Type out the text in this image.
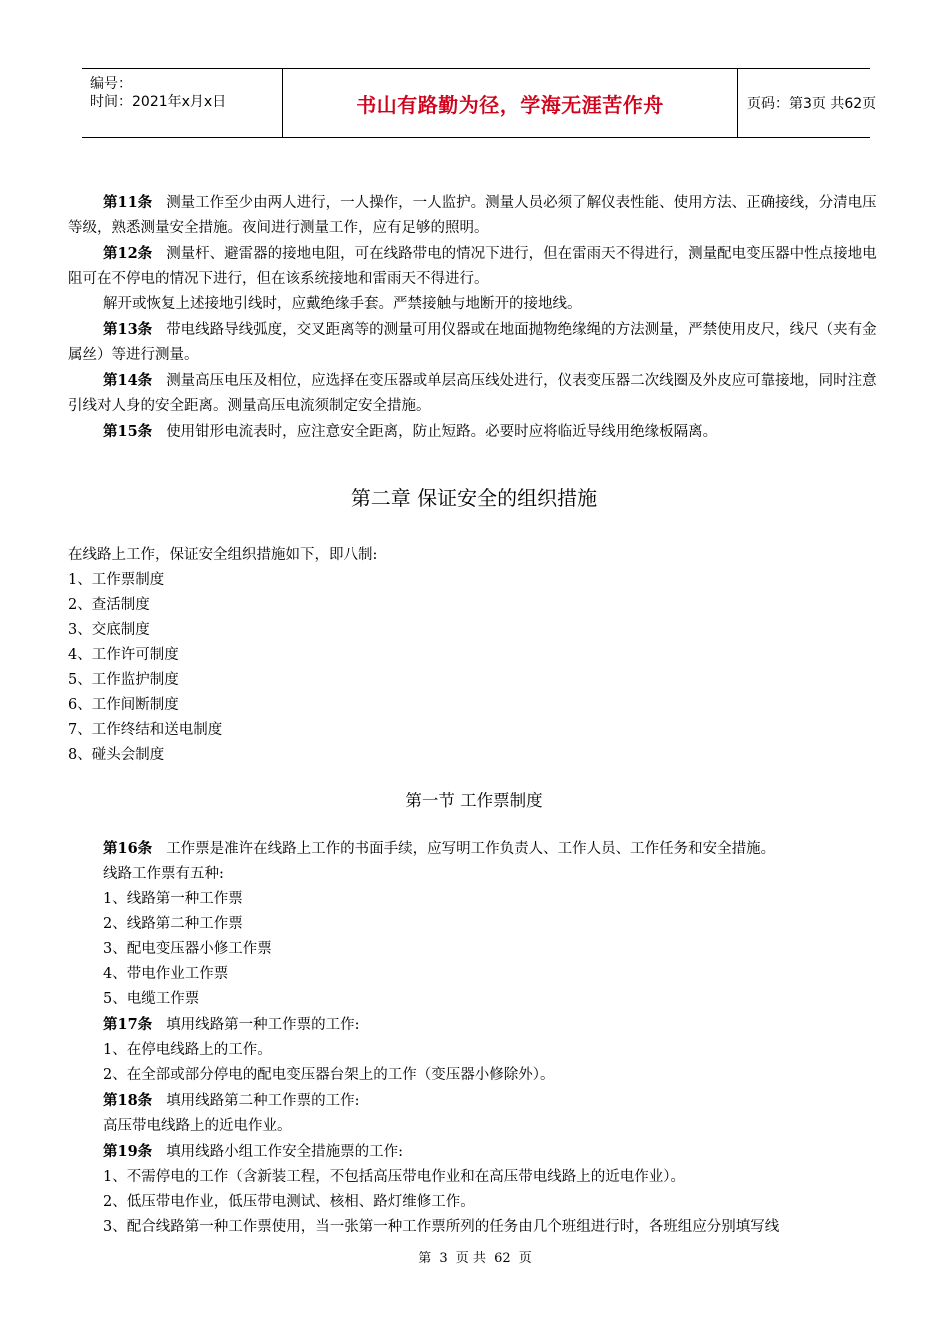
编号：
时间：2021年x月x日	书山有路勤为径，学海无涯苦作舟	页码：第3页 共62页

第11条 测量工作至少由两人进行，一人操作，一人监护。测量人员必须了解仪表性能、使用方法、正确接线，分清电压等级，熟悉测量安全措施。夜间进行测量工作，应有足够的照明。

第12条 测量杆、避雷器的接地电阻，可在线路带电的情况下进行，但在雷雨天不得进行，测量配电变压器中性点接地电阻可在不停电的情况下进行，但在该系统接地和雷雨天不得进行。

解开或恢复上述接地引线时，应戴绝缘手套。严禁接触与地断开的接地线。

第13条 带电线路导线弧度，交叉距离等的测量可用仪器或在地面抛物绝缘绳的方法测量，严禁使用皮尺，线尺（夹有金属丝）等进行测量。

第14条 测量高压电压及相位，应选择在变压器或单层高压线处进行，仪表变压器二次线圈及外皮应可靠接地，同时注意引线对人身的安全距离。测量高压电流须制定安全措施。

第15条 使用钳形电流表时，应注意安全距离，防止短路。必要时应将临近导线用绝缘板隔离。

第二章 保证安全的组织措施

在线路上工作，保证安全组织措施如下，即八制:

1、工作票制度

2、查活制度

3、交底制度

4、工作许可制度

5、工作监护制度

6、工作间断制度

7、工作终结和送电制度

8、碰头会制度

第一节 工作票制度

第16条 工作票是准许在线路上工作的书面手续，应写明工作负责人、工作人员、工作任务和安全措施。

线路工作票有五种:

1、线路第一种工作票

2、线路第二种工作票

3、配电变压器小修工作票

4、带电作业工作票

5、电缆工作票

第17条 填用线路第一种工作票的工作:

1、在停电线路上的工作。

2、在全部或部分停电的配电变压器台架上的工作（变压器小修除外）。

第18条 填用线路第二种工作票的工作:

高压带电线路上的近电作业。

第19条 填用线路小组工作安全措施票的工作:

1、不需停电的工作（含新装工程，不包括高压带电作业和在高压带电线路上的近电作业）。

2、低压带电作业，低压带电测试、核相、路灯维修工作。

3、配合线路第一种工作票使用，当一张第一种工作票所列的任务由几个班组进行时，各班组应分别填写线

第 3 页 共 62 页
